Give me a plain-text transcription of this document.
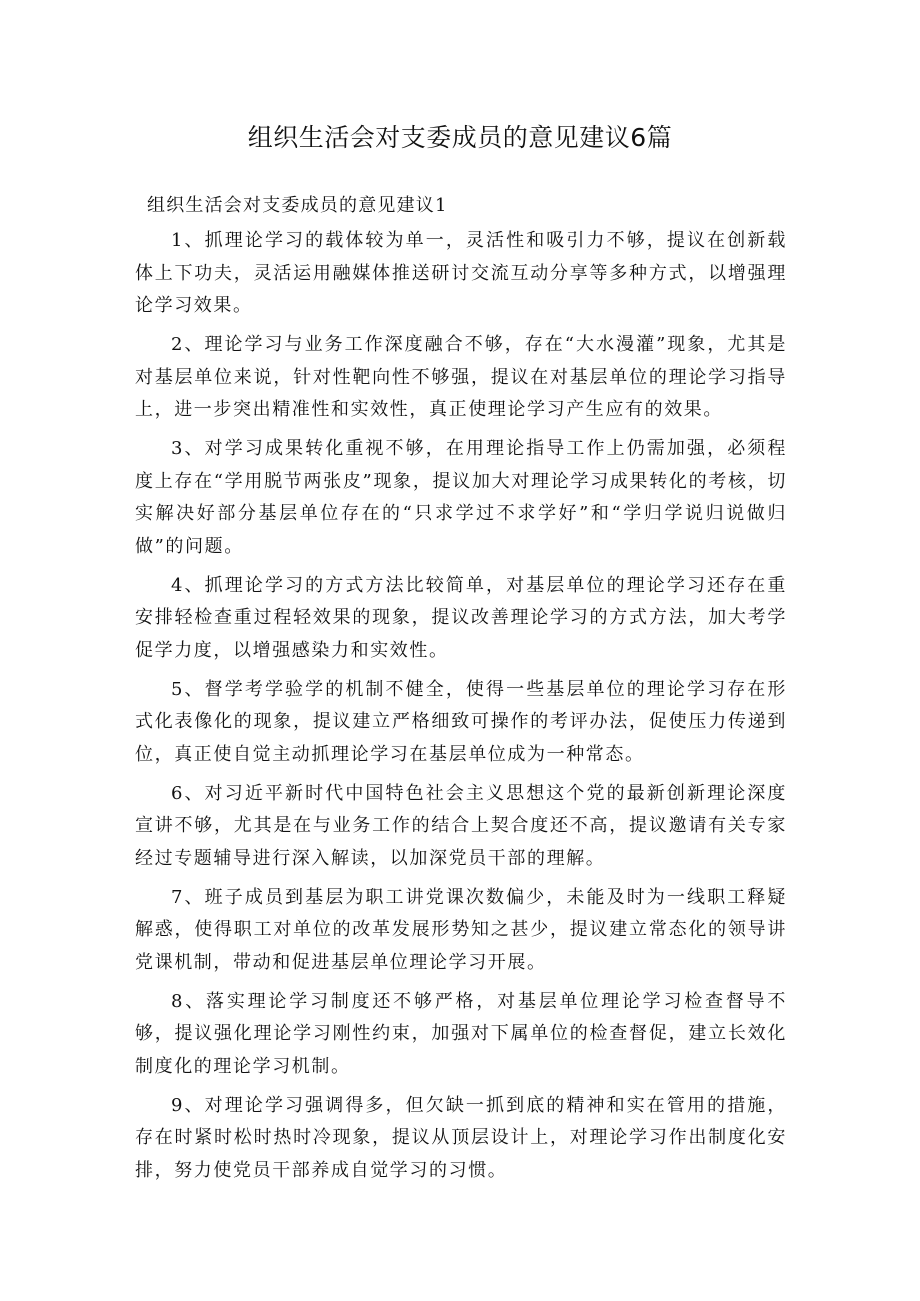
组织生活会对支委成员的意见建议6篇
组织生活会对支委成员的意见建议1

1、抓理论学习的载体较为单一，灵活性和吸引力不够，提议在创新载体上下功夫，灵活运用融媒体推送研讨交流互动分享等多种方式，以增强理论学习效果。

2、理论学习与业务工作深度融合不够，存在“大水漫灌”现象，尤其是对基层单位来说，针对性靶向性不够强，提议在对基层单位的理论学习指导上，进一步突出精准性和实效性，真正使理论学习产生应有的效果。

3、对学习成果转化重视不够，在用理论指导工作上仍需加强，必须程度上存在“学用脱节两张皮”现象，提议加大对理论学习成果转化的考核，切实解决好部分基层单位存在的“只求学过不求学好”和“学归学说归说做归做”的问题。

4、抓理论学习的方式方法比较简单，对基层单位的理论学习还存在重安排轻检查重过程轻效果的现象，提议改善理论学习的方式方法，加大考学促学力度，以增强感染力和实效性。

5、督学考学验学的机制不健全，使得一些基层单位的理论学习存在形式化表像化的现象，提议建立严格细致可操作的考评办法，促使压力传递到位，真正使自觉主动抓理论学习在基层单位成为一种常态。

6、对习近平新时代中国特色社会主义思想这个党的最新创新理论深度宣讲不够，尤其是在与业务工作的结合上契合度还不高，提议邀请有关专家经过专题辅导进行深入解读，以加深党员干部的理解。

7、班子成员到基层为职工讲党课次数偏少，未能及时为一线职工释疑解惑，使得职工对单位的改革发展形势知之甚少，提议建立常态化的领导讲党课机制，带动和促进基层单位理论学习开展。

8、落实理论学习制度还不够严格，对基层单位理论学习检查督导不够，提议强化理论学习刚性约束，加强对下属单位的检查督促，建立长效化制度化的理论学习机制。

9、对理论学习强调得多，但欠缺一抓到底的精神和实在管用的措施，存在时紧时松时热时冷现象，提议从顶层设计上，对理论学习作出制度化安排，努力使党员干部养成自觉学习的习惯。
